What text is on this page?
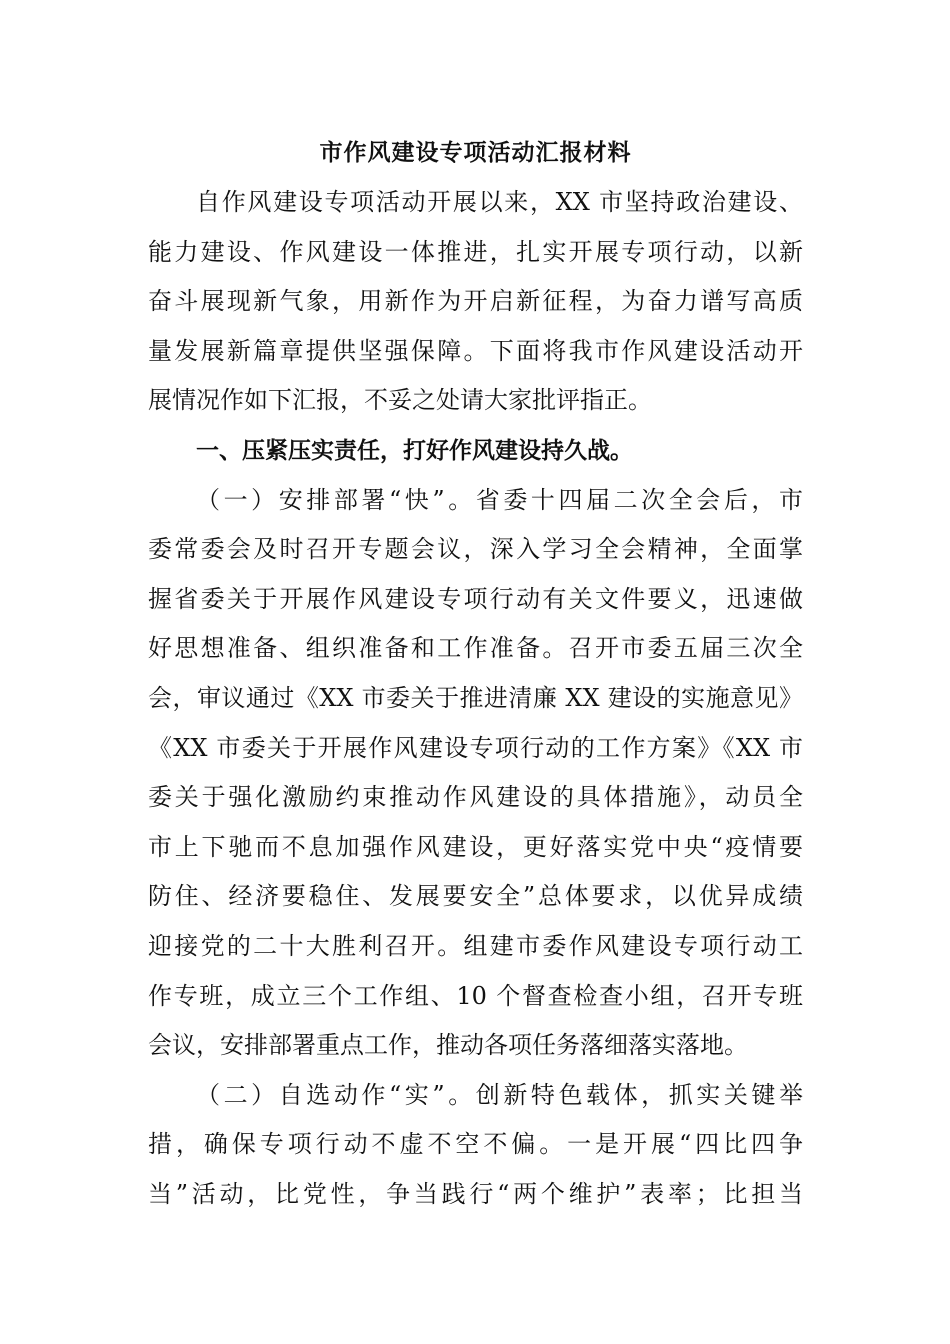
市作风建设专项活动汇报材料
自作风建设专项活动开展以来，XX 市坚持政治建设、
能力建设、作风建设一体推进，扎实开展专项行动，以新
奋斗展现新气象，用新作为开启新征程，为奋力谱写高质
量发展新篇章提供坚强保障。下面将我市作风建设活动开
展情况作如下汇报，不妥之处请大家批评指正。
一、压紧压实责任，打好作风建设持久战。
（一）安排部署“快”。省委十四届二次全会后，市
委常委会及时召开专题会议，深入学习全会精神，全面掌
握省委关于开展作风建设专项行动有关文件要义，迅速做
好思想准备、组织准备和工作准备。召开市委五届三次全
会，审议通过《XX 市委关于推进清廉 XX 建设的实施意见》
《XX 市委关于开展作风建设专项行动的工作方案》《XX 市
委关于强化激励约束推动作风建设的具体措施》，动员全
市上下驰而不息加强作风建设，更好落实党中央“疫情要
防住、经济要稳住、发展要安全”总体要求，以优异成绩
迎接党的二十大胜利召开。组建市委作风建设专项行动工
作专班，成立三个工作组、10 个督查检查小组，召开专班
会议，安排部署重点工作，推动各项任务落细落实落地。
（二）自选动作“实”。创新特色载体，抓实关键举
措，确保专项行动不虚不空不偏。一是开展“四比四争
当”活动，比党性，争当践行“两个维护”表率；比担当
